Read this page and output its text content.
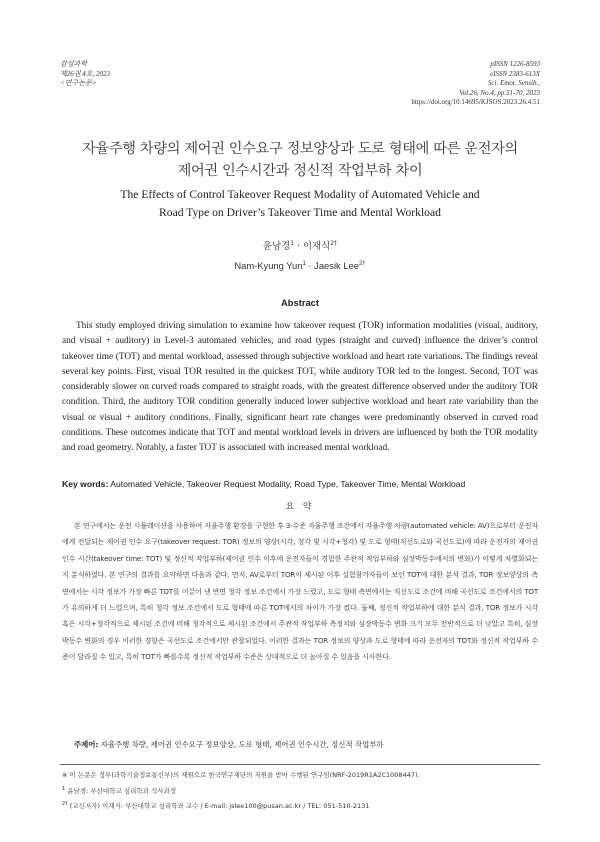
감성과학
제26권 4호, 2023
<연구논문>
pISSN 1226-8593
eISSN 2383-613X
Sci. Emot. Sensib.,
Vol.26, No.4, pp.51-70, 2023
https://doi.org/10.14695/KJSOS.2023.26.4.51
자율주행 차량의 제어권 인수요구 정보양상과 도로 형태에 따른 운전자의
제어권 인수시간과 정신적 작업부하 차이
The Effects of Control Takeover Request Modality of Automated Vehicle and
Road Type on Driver’s Takeover Time and Mental Workload
윤남경$^1$ · 이재식$^{2\dagger}$
Nam-Kyung Yun$^1$ · Jaesik Lee$^{2\dagger}$
Abstract
This study employed driving simulation to examine how takeover request (TOR) information modalities (visual, auditory, and visual + auditory) in Level-3 automated vehicles, and road types (straight and curved) influence the driver’s control takeover time (TOT) and mental workload, assessed through subjective workload and heart rate variations. The findings reveal several key points. First, visual TOR resulted in the quickest TOT, while auditory TOR led to the longest. Second, TOT was considerably slower on curved roads compared to straight roads, with the greatest difference observed under the auditory TOR condition. Third, the auditory TOR condition generally induced lower subjective workload and heart rate variability than the visual or visual + auditory conditions. Finally, significant heart rate changes were predominantly observed in curved road conditions. These outcomes indicate that TOT and mental workload levels in drivers are influenced by both the TOR modality and road geometry. Notably, a faster TOT is associated with increased mental workload.
Key words: Automated Vehicle, Takeover Request Modality, Road Type, Takeover Time, Mental Workload
요 약
본 연구에서는 운전 시뮬레이션을 사용하여 자율주행 환경을 구현한 후 3-수준 자율주행 조건에서 자율주행 차량(automated vehicle: AV)으로부터 운전자에게 전달되는 제어권 인수 요구(takeover request: TOR) 정보의 양상(시각, 청각 및 시각+청각) 및 도로 형태(직선도로와 곡선도로)에 따라 운전자의 제어권 인수 시간(takeover time: TOT) 및 정신적 작업부하(제어권 인수 이후에 운전자들이 경험한 주관적 작업부하와 심장박동수에서의 변화)가 어떻게 차별화되는지 분석하였다. 본 연구의 결과를 요약하면 다음과 같다. 먼저, AV로부터 TOR이 제시된 이후 실험참가자들이 보인 TOT에 대한 분석 결과, TOR 정보양상의 측면에서는 시각 정보가 가장 빠른 TOT를 이끌어 낸 반면 청각 정보 조건에서 가장 느렸고, 도로 형태 측면에서는 직선도로 조건에 비해 곡선도로 조건에서의 TOT가 유의하게 더 느렸으며, 특히 청각 정보 조건에서 도로 형태에 따른 TOT에서의 차이가 가장 컸다. 둘째, 정신적 작업부하에 대한 분석 결과, TOR 정보가 시각 혹은 시각+청각적으로 제시된 조건에 비해 청각적으로 제시된 조건에서 주관적 작업부하 측정치와 심장박동수 변화 크기 모두 전반적으로 더 낮았고 특히, 심장박동수 변화의 경우 이러한 경향은 곡선도로 조건에서만 관찰되었다. 이러한 결과는 TOR 정보의 양상과 도로 형태에 따라 운전자의 TOT와 정신적 작업부하 수준이 달라질 수 있고, 특히 TOT가 빠를수록 정신적 작업부하 수준은 상대적으로 더 높아질 수 있음을 시사한다.
주제어: 자율주행 차량, 제어권 인수요구 정보양상, 도로 형태, 제어권 인수시간, 정신적 작업부하

※ 이 논문은 정부(과학기술정보통신부)의 재원으로 한국연구재단의 지원을 받아 수행된 연구임(NRF-2019R1A2C1008447).

$^1$ 윤남경: 부산대학교 심리학과 석사과정

$^{2\dagger}$ (교신저자) 이재식: 부산대학교 심리학과 교수 / E-mail: jslee100@pusan.ac.kr / TEL: 051-510-2131
